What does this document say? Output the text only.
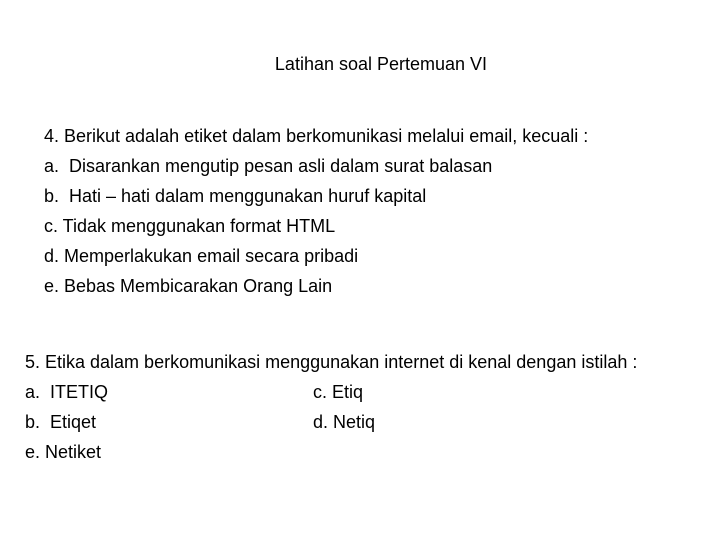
Latihan soal Pertemuan VI
4. Berikut adalah etiket dalam berkomunikasi melalui email, kecuali :
a.  Disarankan mengutip pesan asli dalam surat balasan
b.  Hati – hati dalam menggunakan huruf kapital
c. Tidak menggunakan format HTML
d. Memperlakukan email secara pribadi
e. Bebas Membicarakan Orang Lain
5. Etika dalam berkomunikasi menggunakan internet di kenal dengan istilah :
a.  ITETIQ	c. Etiq
b.  Etiqet	d. Netiq
e. Netiket
